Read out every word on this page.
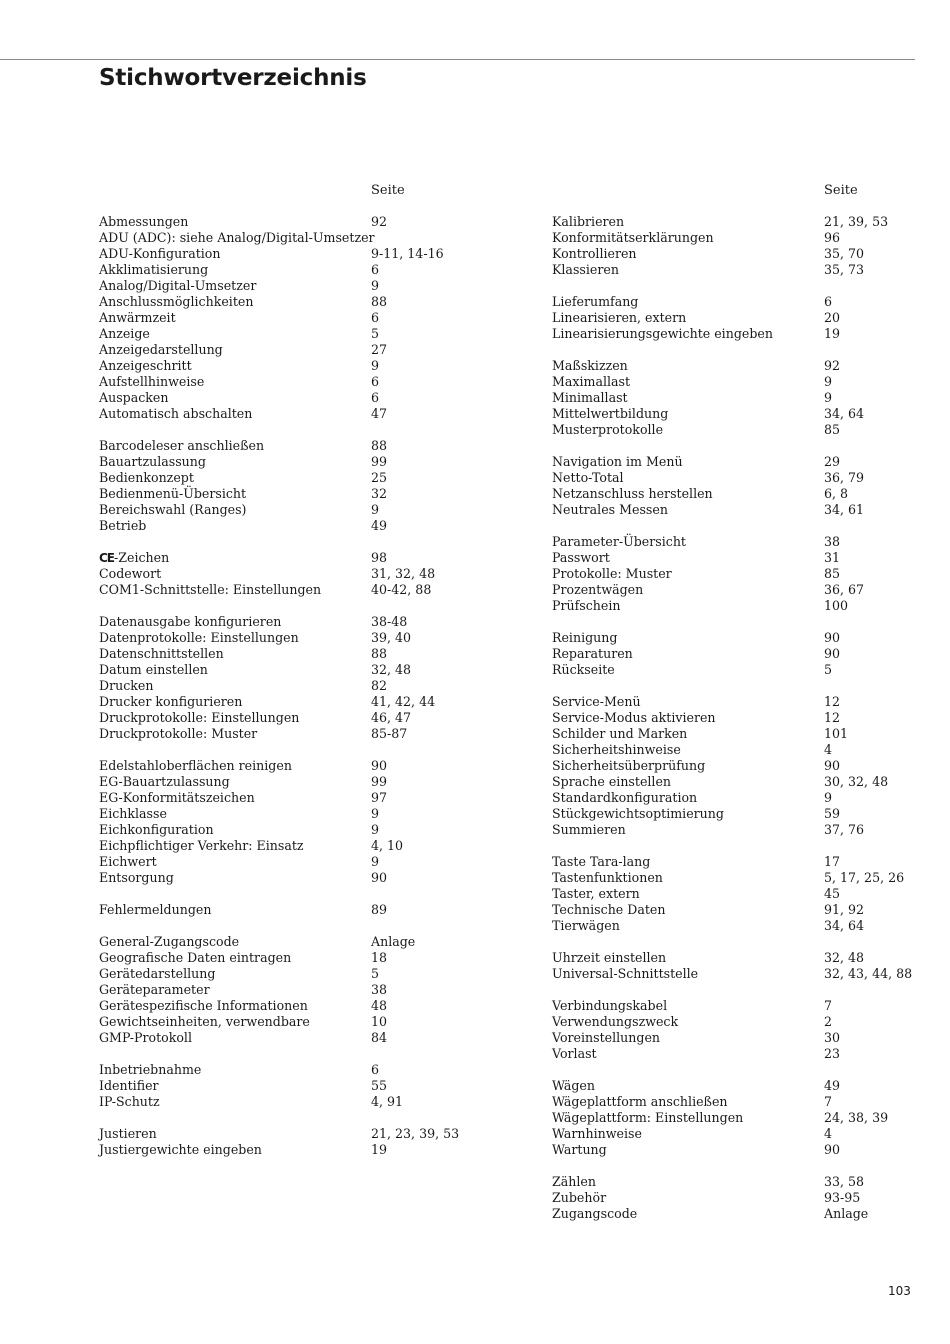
Stichwortverzeichnis
Seite
Abmessungen	92
ADU (ADC): siehe Analog/Digital-Umsetzer
ADU-Konfiguration	9-11, 14-16
Akklimatisierung	6
Analog/Digital-Umsetzer	9
Anschlussmöglichkeiten	88
Anwärmzeit	6
Anzeige	5
Anzeigedarstellung	27
Anzeigeschritt	9
Aufstellhinweise	6
Auspacken	6
Automatisch abschalten	47
Barcodeleser anschließen	88
Bauartzulassung	99
Bedienkonzept	25
Bedienmenü-Übersicht	32
Bereichswahl (Ranges)	9
Betrieb	49
CE-Zeichen	98
Codewort	31, 32, 48
COM1-Schnittstelle: Einstellungen	40-42, 88
Datenausgabe konfigurieren	38-48
Datenprotokolle: Einstellungen	39, 40
Datenschnittstellen	88
Datum einstellen	32, 48
Drucken	82
Drucker konfigurieren	41, 42, 44
Druckprotokolle: Einstellungen	46, 47
Druckprotokolle: Muster	85-87
Edelstahloberflächen reinigen	90
EG-Bauartzulassung	99
EG-Konformitätszeichen	97
Eichklasse	9
Eichkonfiguration	9
Eichpflichtiger Verkehr: Einsatz	4, 10
Eichwert	9
Entsorgung	90
Fehlermeldungen	89
General-Zugangscode	Anlage
Geografische Daten eintragen	18
Gerätedarstellung	5
Geräteparameter	38
Gerätespezifische Informationen	48
Gewichtseinheiten, verwendbare	10
GMP-Protokoll	84
Inbetriebnahme	6
Identifier	55
IP-Schutz	4, 91
Justieren	21, 23, 39, 53
Justiergewichte eingeben	19
Seite
Kalibrieren	21, 39, 53
Konformitätserklärungen	96
Kontrollieren	35, 70
Klassieren	35, 73
Lieferumfang	6
Linearisieren, extern	20
Linearisierungsgewichte eingeben	19
Maßskizzen	92
Maximallast	9
Minimallast	9
Mittelwertbildung	34, 64
Musterprotokolle	85
Navigation im Menü	29
Netto-Total	36, 79
Netzanschluss herstellen	6, 8
Neutrales Messen	34, 61
Parameter-Übersicht	38
Passwort	31
Protokolle: Muster	85
Prozentwägen	36, 67
Prüfschein	100
Reinigung	90
Reparaturen	90
Rückseite	5
Service-Menü	12
Service-Modus aktivieren	12
Schilder und Marken	101
Sicherheitshinweise	4
Sicherheitsüberprüfung	90
Sprache einstellen	30, 32, 48
Standardkonfiguration	9
Stückgewichtsoptimierung	59
Summieren	37, 76
Taste Tara-lang	17
Tastenfunktionen	5, 17, 25, 26
Taster, extern	45
Technische Daten	91, 92
Tierwägen	34, 64
Uhrzeit einstellen	32, 48
Universal-Schnittstelle	32, 43, 44, 88
Verbindungskabel	7
Verwendungszweck	2
Voreinstellungen	30
Vorlast	23
Wägen	49
Wägeplattform anschließen	7
Wägeplattform: Einstellungen	24, 38, 39
Warnhinweise	4
Wartung	90
Zählen	33, 58
Zubehör	93-95
Zugangscode	Anlage
103
